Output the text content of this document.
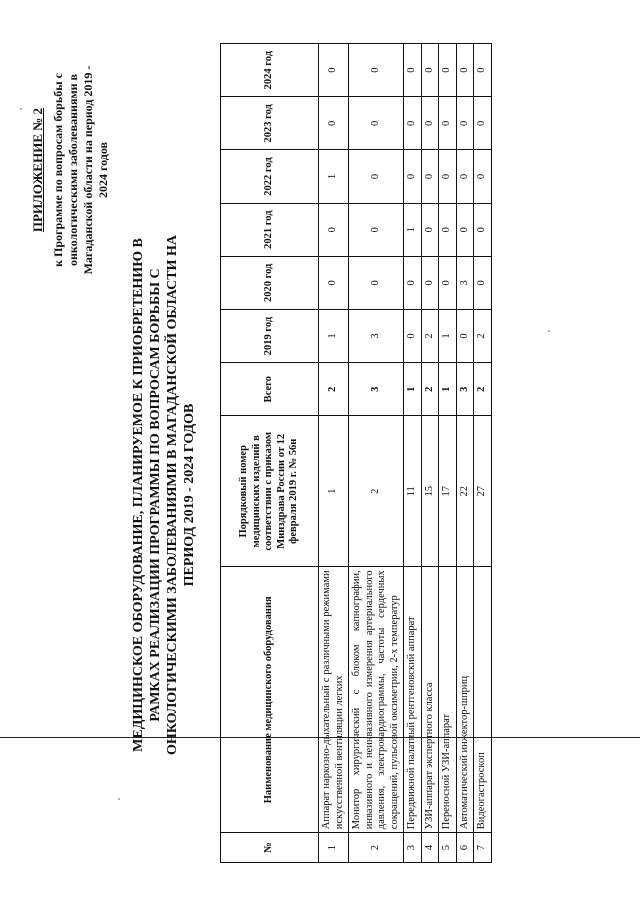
ПРИЛОЖЕНИЕ № 2 к Программе по вопросам борьбы с онкологическими заболеваниями в Магаданской области на период 2019 - 2024 годов
МЕДИЦИНСКОЕ ОБОРУДОВАНИЕ, ПЛАНИРУЕМОЕ К ПРИОБРЕТЕНИЮ В РАМКАХ РЕАЛИЗАЦИИ ПРОГРАММЫ ПО ВОПРОСАМ БОРЬБЫ С ОНКОЛОГИЧЕСКИМИ ЗАБОЛЕВАНИЯМИ В МАГАДАНСКОЙ ОБЛАСТИ НА ПЕРИОД 2019 - 2024 ГОДОВ
№	Наименование медицинского оборудования	Порядковый номер медицинских изделий в соответствии с приказом Минздрава России от 12 февраля 2019 г. № 56н	Всего	2019 год	2020 год	2021 год	2022 год	2023 год	2024 год
1	Аппарат наркозно-дыхательный с различными режимами искусственной вентиляции легких	1	2	1	0	0	1	0	0
2	Монитор хирургический с блоком капнографии, инвазивного и неинвазивного измерения артериального давления, электрокардиограммы, частоты сердечных сокращений, пульсовой оксиметрии, 2-х температур	2	3	3	0	0	0	0	0
3	Передвижной палатный рентгеновский аппарат	11	1	0	0	1	0	0	0
4	УЗИ-аппарат экспертного класса	15	2	2	0	0	0	0	0
5	Переносной УЗИ-аппарат	17	1	1	0	0	0	0	0
6	Автоматический инжектор-шприц	22	3	0	3	0	0	0	0
7	Видеогастроскоп	27	2	2	0	0	0	0	0
